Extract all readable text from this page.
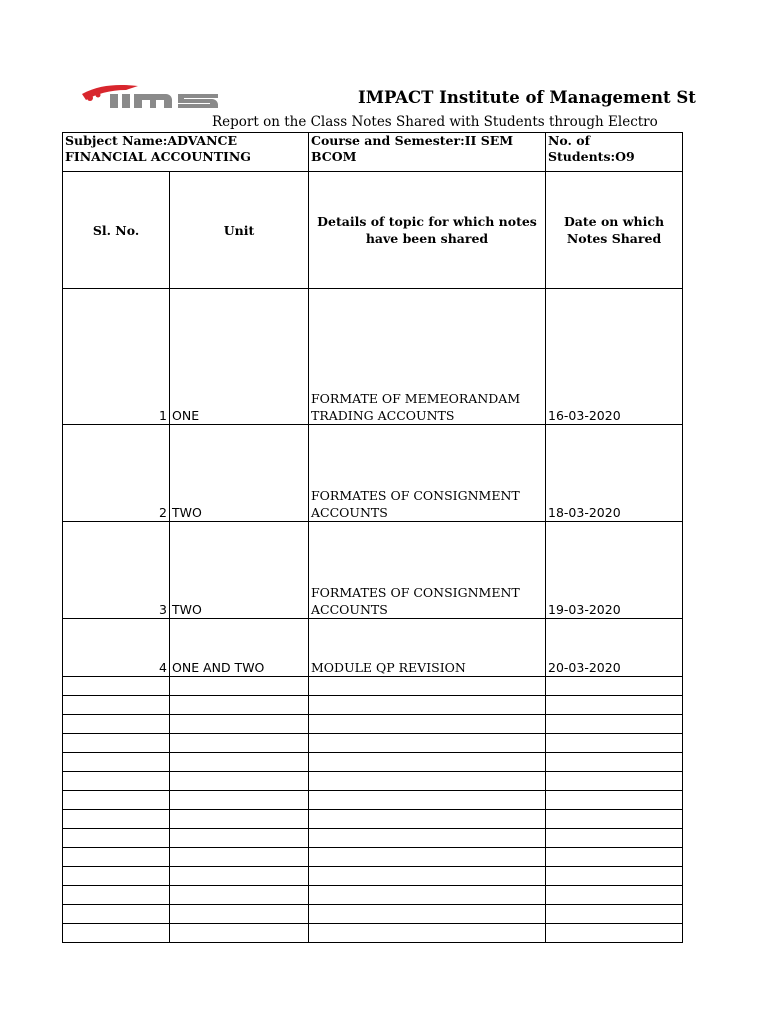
IMPACT Institute of Management St
Report on the Class Notes Shared with Students through Electro
Subject Name:ADVANCE FINANCIAL ACCOUNTING		Course and Semester:II SEM BCOM	No. of Students:O9
Sl. No.	Unit	Details of topic for which notes have been shared	Date on which Notes Shared
1	ONE	FORMATE OF MEMEORANDAM TRADING ACCOUNTS	16-03-2020
2	TWO	FORMATES OF CONSIGNMENT ACCOUNTS	18-03-2020
3	TWO	FORMATES OF CONSIGNMENT ACCOUNTS	19-03-2020
4	ONE AND TWO	MODULE QP REVISION	20-03-2020
